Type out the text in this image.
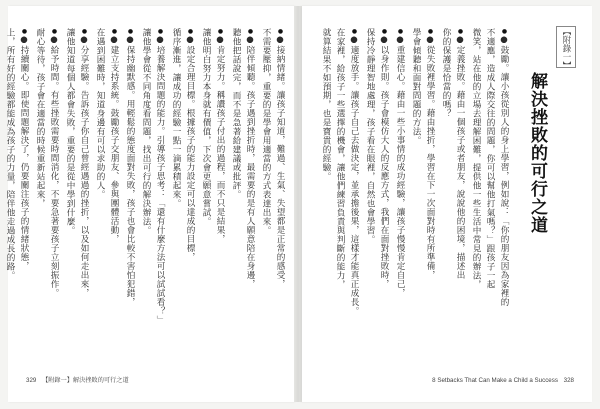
● ●接納情緒。讓孩子知道，難過、生氣、失望都是正常的感受，
不需要壓抑，重要的是學會用適當的方式表達出來。
● ●陪伴傾聽。孩子遇到挫折時，最需要的是有人願意陪在身邊，
聽他把話說完，而不是急著給建議或批評。
● ●肯定努力。稱讚孩子付出的過程，而不只是結果，
讓他明白努力本身就有價值，下次會更願意嘗試。
● ●設定合理目標。根據孩子的能力設定可以達成的目標，
循序漸進，讓成功的經驗一點一滴累積起來。
● ●培養解決問題的能力。引導孩子思考：「還有什麼方法可以試試看？」
讓他學會從不同角度看問題，找出可行的解決辦法。
● ●保持幽默感。用輕鬆的態度面對失敗，孩子也會比較不害怕犯錯，
● ●建立支持系統。鼓勵孩子交朋友、參與團體活動，
在遇到困難時，知道身邊有可以求助的人。
● ●分享經驗。告訴孩子你自己曾經遇過的挫折，以及如何走出來，
讓他知道每個人都會失敗，重要的是從中學到什麼。
● ●給予時間。有些挫敗需要時間消化，不要急著要孩子立刻振作。
耐心等待，孩子會在適當的時候重新站起來，
● ●持續關心。即使問題解決了，仍要關注孩子的情緒狀態，
上，所有好的經驗都能成為孩子的力量，陪伴他走過成長的路。
329 【附錄一】解決挫敗的可行之道
【附錄一】
解決挫敗的可行之道
● ●鼓勵。讓小孩從別人的身上學習，例如說：「你的朋友因為家裡的
不適應，造成人際交往的問題，你可以幫他打氣嗎？」跟孩子一起
微笑，站在他的立場去理解困難，提供他一些生活中常見的辦法，
● ●定義挫敗。藉由一個孩子或者朋友，說說他的困境，描述出
你的保護是恰當的嗎？
● ●從失敗裡學習。藉由挫折，學習在下一次面對時有所準備，
學會傾聽和面對問題的方法。
● ●重建信心。藉由一些小事情的成功經驗，讓孩子慢慢肯定自己，
● ●以身作則。孩子會模仿大人的反應方式，我們在面對挫敗時，
保持冷靜理智地處理，孩子看在眼裡，自然也會學習。
● ●適度放手。讓孩子自己去做決定，並承擔後果，這樣才能真正成長。
在家裡，給孩子一些選擇的機會，讓他們練習負責與判斷的能力，
就算結果不如預期，也是寶貴的經驗。
8 Setbacks That Can Make a Child a Success 328
